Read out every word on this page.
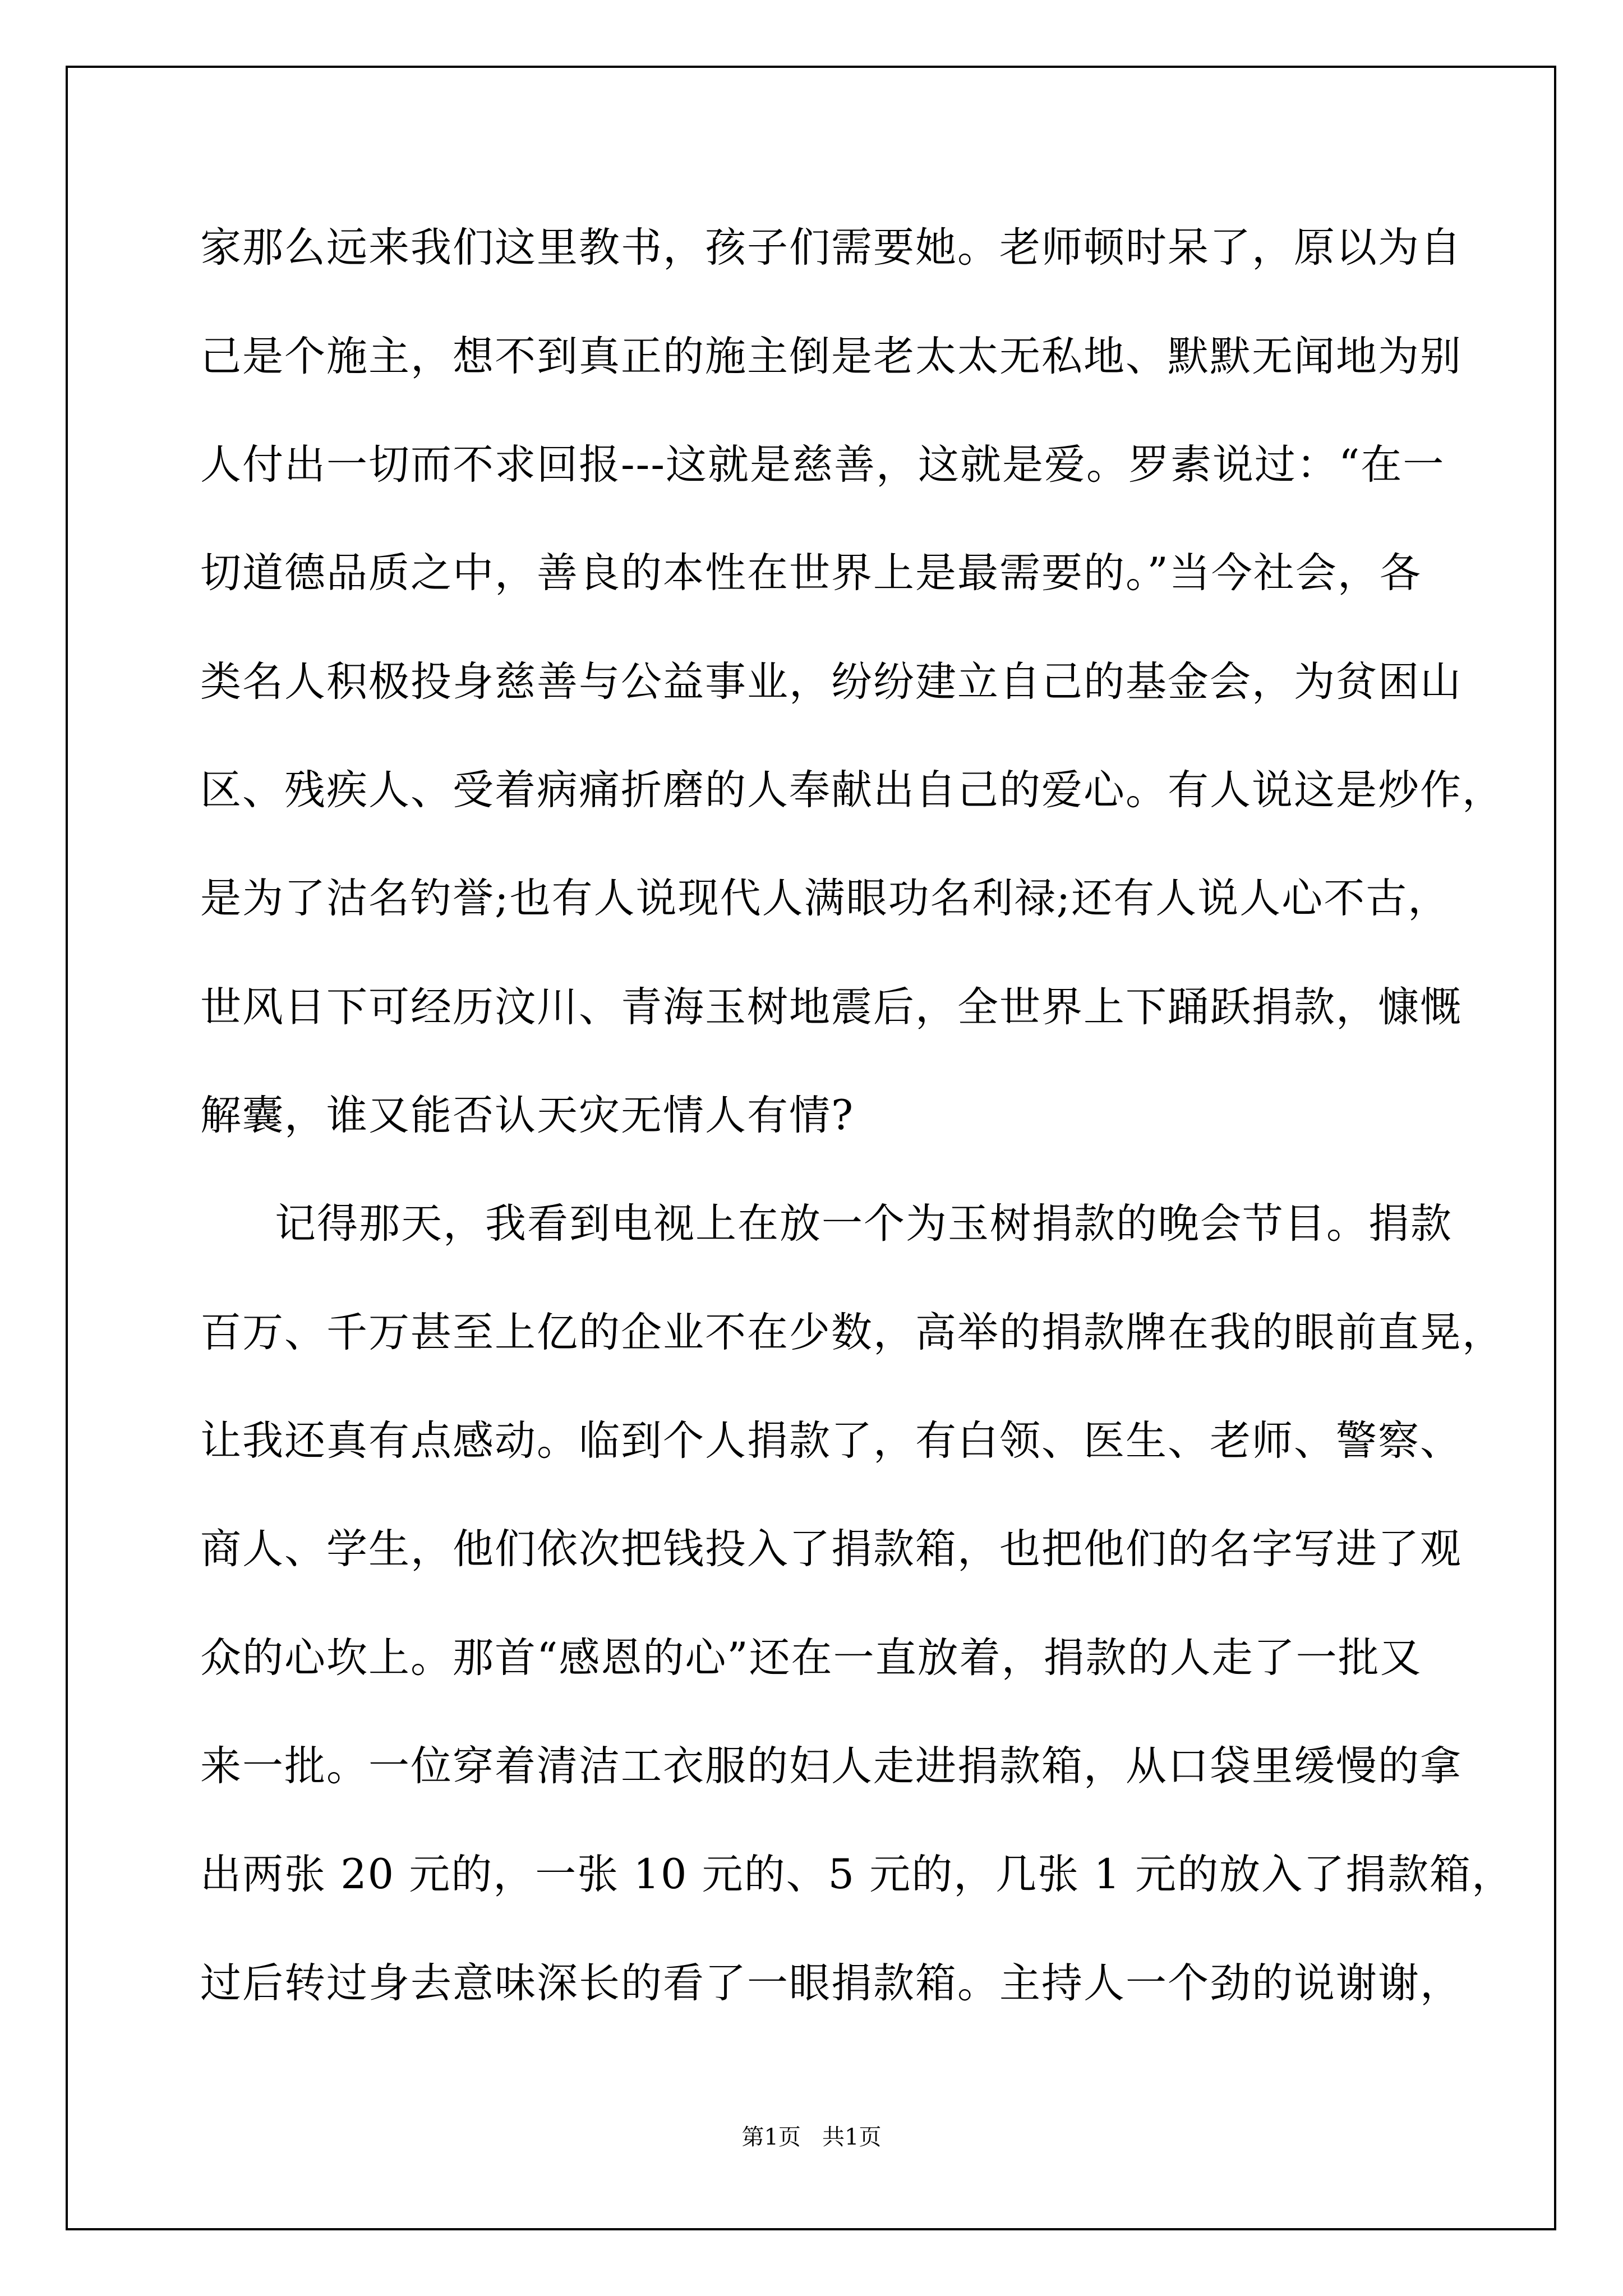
家那么远来我们这里教书，孩子们需要她。老师顿时呆了，原以为自
己是个施主，想不到真正的施主倒是老太太无私地、默默无闻地为别
人付出一切而不求回报---这就是慈善，这就是爱。罗素说过：“在一
切道德品质之中，善良的本性在世界上是最需要的。”当今社会，各
类名人积极投身慈善与公益事业，纷纷建立自己的基金会，为贫困山
区、残疾人、受着病痛折磨的人奉献出自己的爱心。有人说这是炒作，
是为了沽名钓誉;也有人说现代人满眼功名利禄;还有人说人心不古，
世风日下可经历汶川、青海玉树地震后，全世界上下踊跃捐款，慷慨
解囊，谁又能否认天灾无情人有情?
记得那天，我看到电视上在放一个为玉树捐款的晚会节目。捐款
百万、千万甚至上亿的企业不在少数，高举的捐款牌在我的眼前直晃，
让我还真有点感动。临到个人捐款了，有白领、医生、老师、警察、
商人、学生，他们依次把钱投入了捐款箱，也把他们的名字写进了观
众的心坎上。那首“感恩的心”还在一直放着，捐款的人走了一批又
来一批。一位穿着清洁工衣服的妇人走进捐款箱，从口袋里缓慢的拿
出两张 20 元的，一张 10 元的、5 元的，几张 1 元的放入了捐款箱，
过后转过身去意味深长的看了一眼捐款箱。主持人一个劲的说谢谢，
第1页   共1页
